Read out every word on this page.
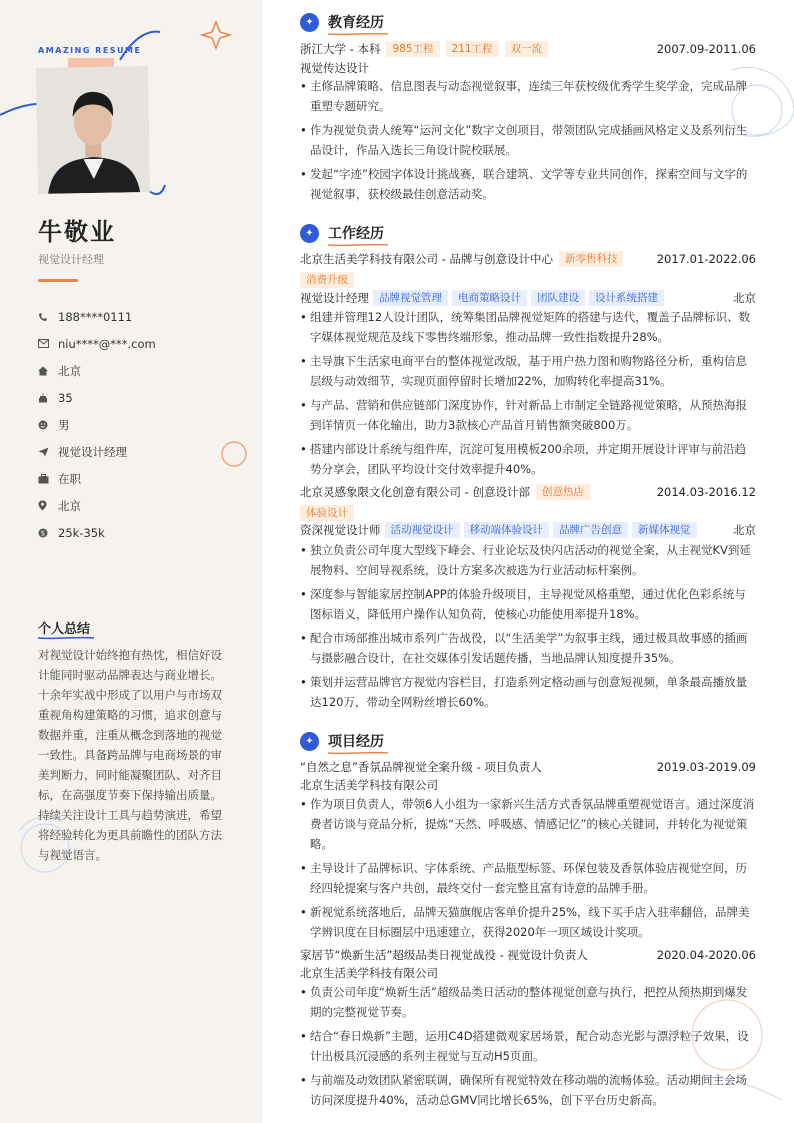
AMAZING RESUME
牛敬业
视觉设计经理
188****0111
niu****@***.com
北京
35
男
视觉设计经理
在职
北京
$ 25k-35k
个人总结
对视觉设计始终抱有热忱，相信好设计能同时驱动品牌表达与商业增长。十余年实战中形成了以用户与市场双重视角构建策略的习惯，追求创意与数据并重，注重从概念到落地的视觉一致性。具备跨品牌与电商场景的审美判断力，同时能凝聚团队、对齐目标，在高强度节奏下保持输出质量。持续关注设计工具与趋势演进，希望将经验转化为更具前瞻性的团队方法与视觉语言。
✦	教育经历
浙江大学 - 本科	985工程	211工程	双一流	2007.09-2011.06
视觉传达设计
• 主修品牌策略、信息图表与动态视觉叙事，连续三年获校级优秀学生奖学金，完成品牌重塑专题研究。
• 作为视觉负责人统筹“运河文化”数字文创项目，带领团队完成插画风格定义及系列衍生品设计，作品入选长三角设计院校联展。
• 发起“字迹”校园字体设计挑战赛，联合建筑、文学等专业共同创作，探索空间与文字的视觉叙事，获校级最佳创意活动奖。
✦	工作经历
北京生活美学科技有限公司 - 品牌与创意设计中心	新零售科技	2017.01-2022.06
消费升级
视觉设计经理 品牌视觉管理	电商策略设计	团队建设	设计系统搭建	北京
• 组建并管理12人设计团队，统筹集团品牌视觉矩阵的搭建与迭代，覆盖子品牌标识、数字媒体视觉规范及线下零售终端形象，推动品牌一致性指数提升28%。
• 主导旗下生活家电商平台的整体视觉改版，基于用户热力图和购物路径分析，重构信息层级与动效细节，实现页面停留时长增加22%，加购转化率提高31%。
• 与产品、营销和供应链部门深度协作，针对新品上市制定全链路视觉策略，从预热海报到详情页一体化输出，助力3款核心产品首月销售额突破800万。
• 搭建内部设计系统与组件库，沉淀可复用模板200余项，并定期开展设计评审与前沿趋势分享会，团队平均设计交付效率提升40%。
北京灵感象限文化创意有限公司 - 创意设计部	创意热店	2014.03-2016.12
体验设计
资深视觉设计师 活动视觉设计	移动端体验设计	品牌广告创意	新媒体视觉	北京
• 独立负责公司年度大型线下峰会、行业论坛及快闪店活动的视觉全案，从主视觉KV到延展物料、空间导视系统，设计方案多次被选为行业活动标杆案例。
• 深度参与智能家居控制APP的体验升级项目，主导视觉风格重塑，通过优化色彩系统与图标语义，降低用户操作认知负荷，使核心功能使用率提升18%。
• 配合市场部推出城市系列广告战役，以“生活美学”为叙事主线，通过极具故事感的插画与摄影融合设计，在社交媒体引发话题传播，当地品牌认知度提升35%。
• 策划并运营品牌官方视觉内容栏目，打造系列定格动画与创意短视频，单条最高播放量达120万，带动全网粉丝增长60%。
✦	项目经历
“自然之息”香氛品牌视觉全案升级 - 项目负责人	2019.03-2019.09
北京生活美学科技有限公司
• 作为项目负责人，带领6人小组为一家新兴生活方式香氛品牌重塑视觉语言。通过深度消费者访谈与竞品分析，提炼“天然、呼吸感、情感记忆”的核心关键词，并转化为视觉策略。
• 主导设计了品牌标识、字体系统、产品瓶型标签、环保包装及香氛体验店视觉空间，历经四轮提案与客户共创，最终交付一套完整且富有诗意的品牌手册。
• 新视觉系统落地后，品牌天猫旗舰店客单价提升25%，线下买手店入驻率翻倍，品牌美学辨识度在目标圈层中迅速建立，获得2020年一项区域设计奖项。
家居节“焕新生活”超级品类日视觉战役 - 视觉设计负责人	2020.04-2020.06
北京生活美学科技有限公司
• 负责公司年度“焕新生活”超级品类日活动的整体视觉创意与执行，把控从预热期到爆发期的完整视觉节奏。
• 结合“春日焕新”主题，运用C4D搭建微观家居场景，配合动态光影与漂浮粒子效果，设计出极具沉浸感的系列主视觉与互动H5页面。
• 与前端及动效团队紧密联调，确保所有视觉特效在移动端的流畅体验。活动期间主会场访问深度提升40%，活动总GMV同比增长65%，创下平台历史新高。
